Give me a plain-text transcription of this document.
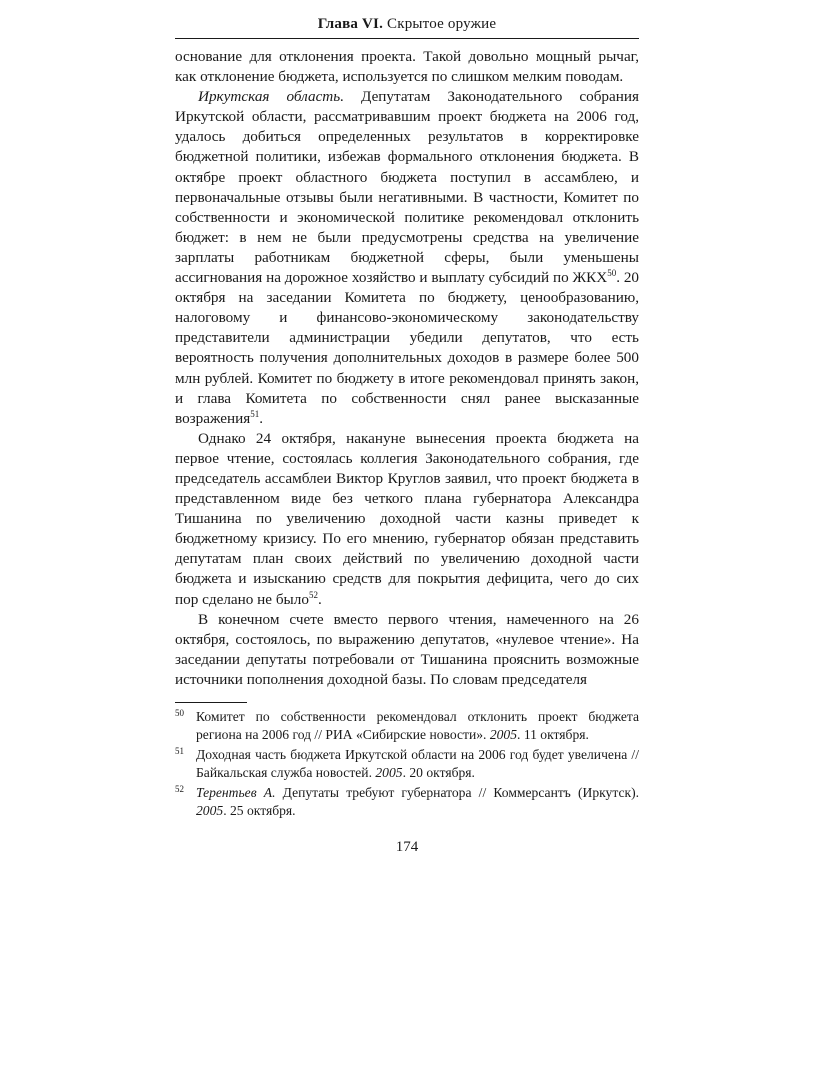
Глава VI. Скрытое оружие

основание для отклонения проекта. Такой довольно мощный рычаг, как отклонение бюджета, используется по слишком мелким поводам.

Иркутская область. Депутатам Законодательного собрания Иркутской области, рассматривавшим проект бюджета на 2006 год, удалось добиться определенных результатов в корректировке бюджетной политики, избежав формального отклонения бюджета. В октябре проект областного бюджета поступил в ассамблею, и первоначальные отзывы были негативными. В частности, Комитет по собственности и экономической политике рекомендовал отклонить бюджет: в нем не были предусмотрены средства на увеличение зарплаты работникам бюджетной сферы, были уменьшены ассигнования на дорожное хозяйство и выплату субсидий по ЖКХ$^{50}$. 20 октября на заседании Комитета по бюджету, ценообразованию, налоговому и финансово-экономическому законодательству представители администрации убедили депутатов, что есть вероятность получения дополнительных доходов в размере более 500 млн рублей. Комитет по бюджету в итоге рекомендовал принять закон, и глава Комитета по собственности снял ранее высказанные возражения$^{51}$.

Однако 24 октября, накануне вынесения проекта бюджета на первое чтение, состоялась коллегия Законодательного собрания, где председатель ассамблеи Виктор Круглов заявил, что проект бюджета в представленном виде без четкого плана губернатора Александра Тишанина по увеличению доходной части казны приведет к бюджетному кризису. По его мнению, губернатор обязан представить депутатам план своих действий по увеличению доходной части бюджета и изысканию средств для покрытия дефицита, чего до сих пор сделано не было$^{52}$.

В конечном счете вместо первого чтения, намеченного на 26 октября, состоялось, по выражению депутатов, «нулевое чтение». На заседании депутаты потребовали от Тишанина прояснить возможные источники пополнения доходной базы. По словам председателя

50 Комитет по собственности рекомендовал отклонить проект бюджета региона на 2006 год // РИА «Сибирские новости». 2005. 11 октября.
51 Доходная часть бюджета Иркутской области на 2006 год будет увеличена // Байкальская служба новостей. 2005. 20 октября.
52 Терентьев А. Депутаты требуют губернатора // Коммерсантъ (Иркутск). 2005. 25 октября.
174
